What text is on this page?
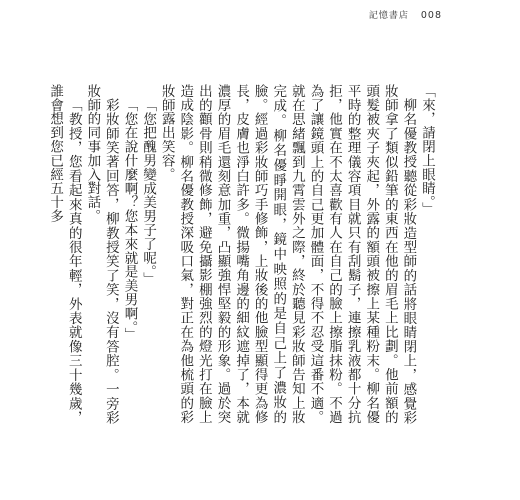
記憶書店 008

「來，請閉上眼睛。」

柳名優教授聽從彩妝造型師的話將眼睛閉上，感覺彩妝師拿了類似鉛筆的東西在他的眉毛上比劃。他前額的頭髮被夾子夾起，外露的額頭被擦上某種粉末。柳名優平時的整理儀容項目就只有刮鬍子，連擦乳液都十分抗拒，他實在不太喜歡有人在自己的臉上擦脂抹粉。不過為了讓鏡頭上的自己更加體面，不得不忍受這番不適。就在思緒飄到九霄雲外之際，終於聽見彩妝師告知上妝完成。柳名優睜開眼，鏡中映照的是自己上了濃妝的臉。經過彩妝師巧手修飾，上妝後的他臉型顯得更為修長，皮膚也淨白許多。微揚嘴角邊的細紋遮掉了，本就濃厚的眉毛還刻意加重，凸顯強悍堅毅的形象。過於突出的顴骨則稍微修飾，避免攝影棚強烈的燈光打在臉上造成陰影。柳名優教授深吸口氣，對正在為他梳頭的彩妝師露出笑容。

「您把醜男變成美男子了呢。」

「您在說什麼啊？您本來就是美男啊。」

彩妝師笑著回答，柳教授笑了笑，沒有答腔。一旁彩妝師的同事加入對話。

「教授，您看起來真的很年輕，外表就像三十幾歲，誰會想到您已經五十多
